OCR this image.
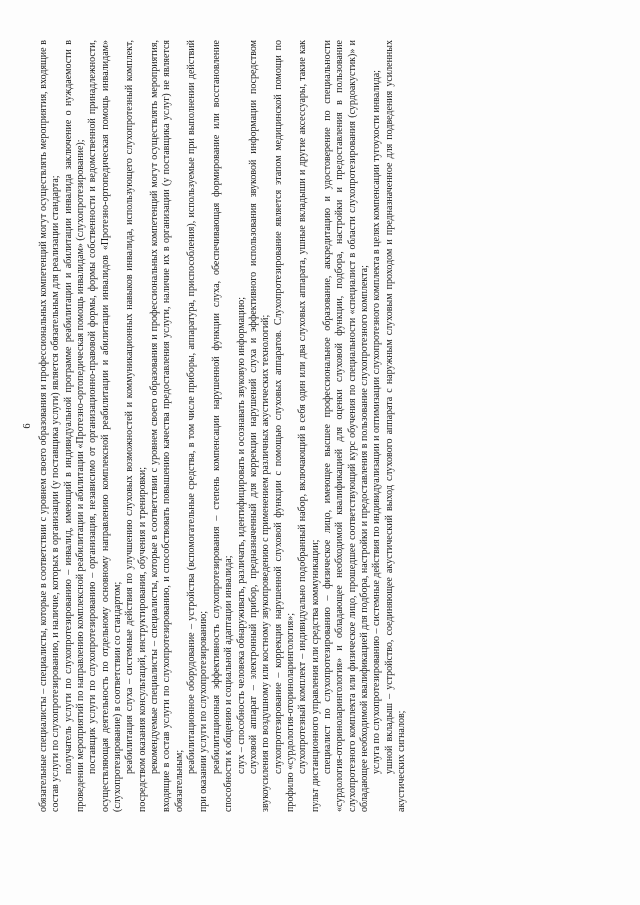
6 обязательные специалисты – специалисты, которые в соответствии с уровнем своего образования и профессиональных компетенций могут осуществлять мероприятия, входящие в состав услуги по слухопротезированию, и наличие, которых в организации (у поставщика услуги) является обязательным для реализации стандарта; получатель услуги по слухопротезированию – инвалид, имеющий в индивидуальной программе реабилитации и абилитации инвалида заключение о нуждаемости в проведении мероприятий по направлению комплексной реабилитации и абилитации «Протезно-ортопедическая помощь инвалидам» (слухопротезирование); поставщик услуги по слухопротезированию – организация, независимо от организационно-правовой формы, формы собственности и ведомственной принадлежности, осуществляющая деятельность по отдельному основному направлению комплексной реабилитации и абилитации инвалидов «Протезно-ортопедическая помощь инвалидам» (слухопротезирование) в соответствии со стандартом; реабилитация слуха – системные действия по улучшению слуховых возможностей и коммуникационных навыков инвалида, использующего слухопротезный комплект, посредством оказания консультаций, инструктирования, обучения и тренировки; рекомендуемые специалисты – специалисты, которые в соответствии с уровнем своего образования и профессиональных компетенций могут осуществлять мероприятия, входящие в состав услуги по слухопротезированию, и способствовать повышению качества предоставления услуги, наличие их в организации (у поставщика услуг) не является обязательным;

реабилитационное оборудование – устройства (вспомогательные средства, в том числе приборы, аппаратура, приспособления), используемые при выполнении действий при оказании услуги по слухопротезированию; реабилитационная эффективность слухопротезирования – степень компенсации нарушенной функции слуха, обеспечивающая формирование или восстановление способности к общению и социальной адаптации инвалида; слух – способность человека обнаруживать, различать, идентифицировать и осознавать звуковую информацию; слуховой аппарат – электронный прибор, предназначенный для коррекции нарушений слуха и эффективного использования звуковой информации посредством звукоусиления по воздушному или костному звукопроведению с применением различных акустических технологий; слухопротезирование – коррекция нарушенной слуховой функции с помощью слуховых аппаратов. Слухопротезирование является этапом медицинской помощи по профилю «сурдология-оториноларингология»; слухопротезный комплект – индивидуально подобранный набор, включающий в себя один или два слуховых аппарата, ушные вкладыши и другие аксессуары, такие как пульт дистанционного управления или средства коммуникации; специалист по слухопротезированию – физическое лицо, имеющее высшее профессиональное образование, аккредитацию и удостоверение по специальности «сурдология-оториноларингология» и обладающее необходимой квалификацией для оценки слуховой функции, подбора, настройки и предоставления в пользование слухопротезного комплекта или физическое лицо, прошедшее соответствующий курс обучения по специальности «специалист в области слухопротезирования (сурдоакустик)» и обладающее необходимой квалификацией для подбора, настройки и предоставления в пользование слухопротезного комплекта; услуга по слухопротезированию – системные действия по индивидуализации и оптимизации слухопротезного комплекта в целях компенсации тугоухости инвалида; ушной вкладыш – устройство, соединяющее акустический выход слухового аппарата с наружным слуховым проходом и предназначенное для подведения усиленных акустических сигналов;
